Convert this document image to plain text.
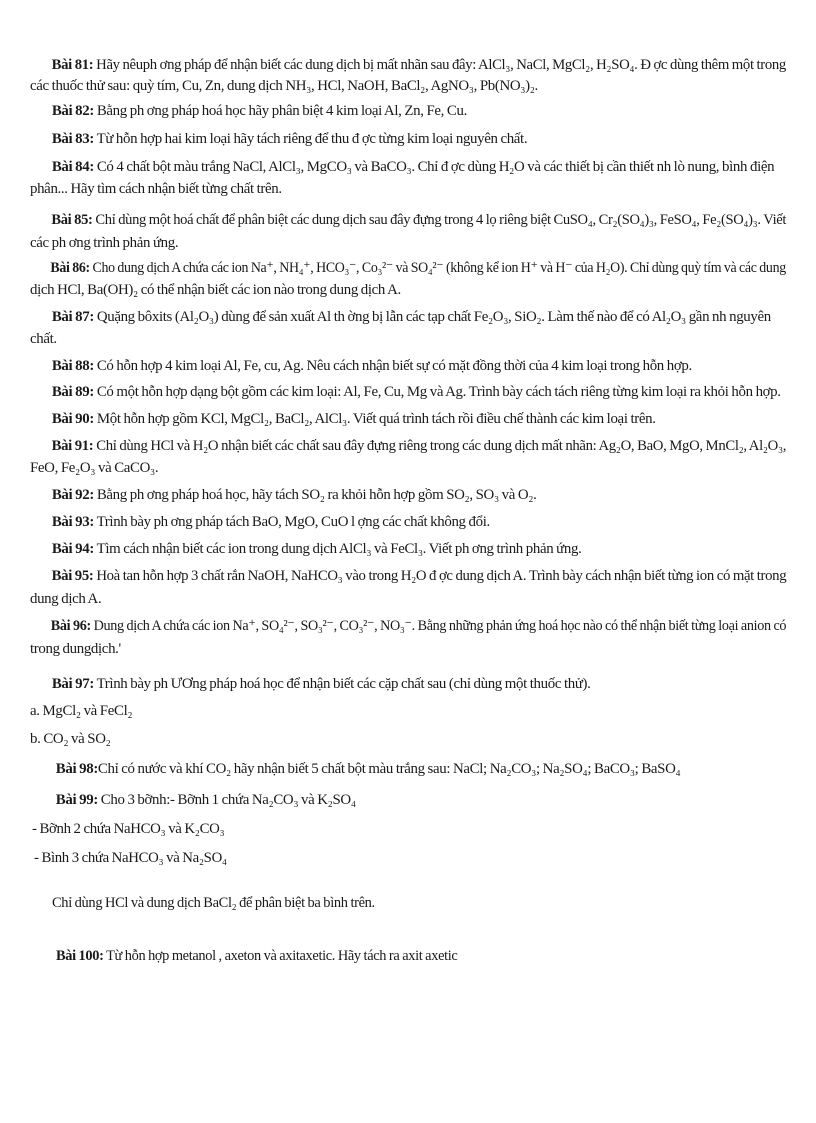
Bài 81: Hãy nêuph ơng pháp để nhận biết các dung dịch bị mất nhãn sau đây: AlCl₃, NaCl, MgCl₂, H₂SO₄. Đ ợc dùng thêm một trong

các thuốc thử sau: quỳ tím, Cu, Zn, dung dịch NH₃, HCl, NaOH, BaCl₂, AgNO₃, Pb(NO₃)₂.

Bài 82: Bằng ph ơng pháp hoá học hãy phân biệt 4 kim loại Al, Zn, Fe, Cu.

Bài 83: Từ hỗn hợp hai kim loại hãy tách riêng để thu đ ợc từng kim loại nguyên chất.

Bài 84: Có 4 chất bột màu trắng NaCl, AlCl₃, MgCO₃ và BaCO₃. Chỉ đ ợc dùng H₂O và các thiết bị cần thiết nh lò nung, bình điện

phân... Hãy tìm cách nhận biết từng chất trên.

Bài 85: Chỉ dùng một hoá chất để phân biệt các dung dịch sau đây đựng trong 4 lọ riêng biệt CuSO₄, Cr₂(SO₄)₃, FeSO₄, Fe₂(SO₄)₃. Viết

các ph ơng trình phản ứng.

Bài 86: Cho dung dịch A chứa các ion Na⁺, NH₄⁺, HCO₃⁻, Co₃²⁻ và SO₄²⁻ (không kể ion H⁺ và H⁻ của H₂O). Chỉ dùng quỳ tím và các dung

dịch HCl, Ba(OH)₂ có thể nhận biết các ion nào trong dung dịch A.

Bài 87: Quặng bôxits (Al₂O₃) dùng để sản xuất Al th ờng bị lẫn các tạp chất Fe₂O₃, SiO₂. Làm thế nào để có Al₂O₃ gần nh nguyên

chất.

Bài 88: Có hỗn hợp 4 kim loại Al, Fe, cu, Ag. Nêu cách nhận biết sự có mặt đồng thời của 4 kim loại trong hỗn hợp.

Bài 89: Có một hỗn hợp dạng bột gồm các kim loại: Al, Fe, Cu, Mg và Ag. Trình bày cách tách riêng từng kim loại ra khỏi hỗn hợp.

Bài 90: Một hỗn hợp gồm KCl, MgCl₂, BaCl₂, AlCl₃. Viết quá trình tách rồi điều chế thành các kim loại trên.

Bài 91: Chỉ dùng HCl và H₂O nhận biết các chất sau đây đựng riêng trong các dung dịch mất nhãn: Ag₂O, BaO, MgO, MnCl₂, Al₂O₃,

FeO, Fe₂O₃ và CaCO₃.

Bài 92: Bằng ph ơng pháp hoá học, hãy tách SO₂ ra khỏi hỗn hợp gồm SO₂, SO₃ và O₂.

Bài 93: Trình bày ph ơng pháp tách BaO, MgO, CuO l ợng các chất không đổi.

Bài 94: Tìm cách nhận biết các ion trong dung dịch AlCl₃ và FeCl₃. Viết ph ơng trình phản ứng.

Bài 95: Hoà tan hỗn hợp 3 chất rắn NaOH, NaHCO₃ vào trong H₂O đ ợc dung dịch A. Trình bày cách nhận biết từng ion có mặt trong

dung dịch A.

Bài 96: Dung dịch A chứa các ion Na⁺, SO₄²⁻, SO₃²⁻, CO₃²⁻, NO₃⁻. Bằng những phản ứng hoá học nào có thể nhận biết từng loại anion có

trong dungdịch.'

Bài 97: Trình bày ph ƯƠng pháp hoá học để nhận biết các cặp chất sau (chỉ dùng một thuốc thử).

a. MgCl₂ và FeCl₂

b. CO₂ và SO₂

Bài 98:Chỉ có nước và khí CO₂ hãy nhận biết 5 chất bột màu trắng sau: NaCl; Na₂CO₃; Na₂SO₄; BaCO₃; BaSO₄

Bài 99: Cho 3 bỡnh:- Bỡnh 1 chứa Na₂CO₃ và K₂SO₄

- Bỡnh 2 chứa NaHCO₃ và K₂CO₃

- Bình 3 chứa NaHCO₃ và Na₂SO₄

Chỉ dùng HCl và dung dịch BaCl₂ để phân biệt ba bình trên.

Bài 100: Từ hỗn hợp metanol , axeton và axitaxetic. Hãy tách ra axit axetic
